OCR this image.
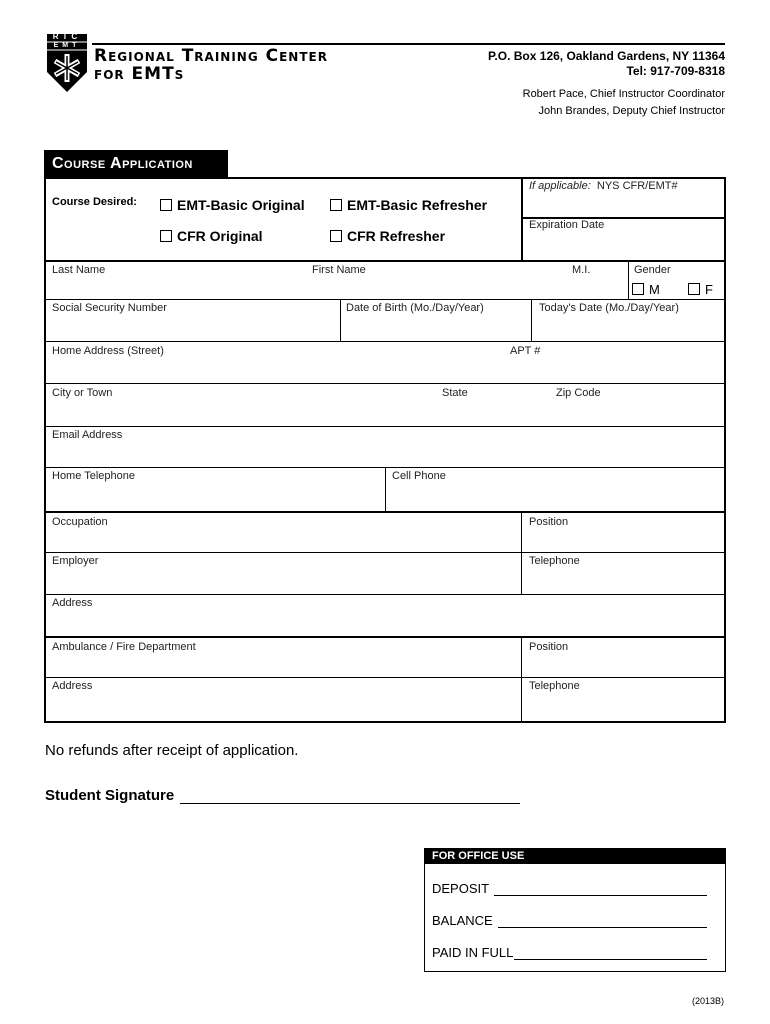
RTC
EMT
Regional Training Center
for EMTs
P.O. Box 126, Oakland Gardens, NY 11364
Tel: 917-709-8318
Robert Pace, Chief Instructor Coordinator
John Brandes, Deputy Chief Instructor
Course Application
Course Desired:	EMT-Basic Original	EMT-Basic Refresher
CFR Original	CFR Refresher
If applicable: NYS CFR/EMT#
Expiration Date
Last Name	First Name	M.I.	Gender
M	F
Social Security Number	Date of Birth (Mo./Day/Year)	Today's Date (Mo./Day/Year)
Home Address (Street)	APT #
City or Town	State	Zip Code
Email Address
Home Telephone	Cell Phone
Occupation	Position
Employer	Telephone
Address
Ambulance / Fire Department	Position
Address	Telephone
No refunds after receipt of application.
Student Signature
FOR OFFICE USE
DEPOSIT
BALANCE
PAID IN FULL
(2013B)
